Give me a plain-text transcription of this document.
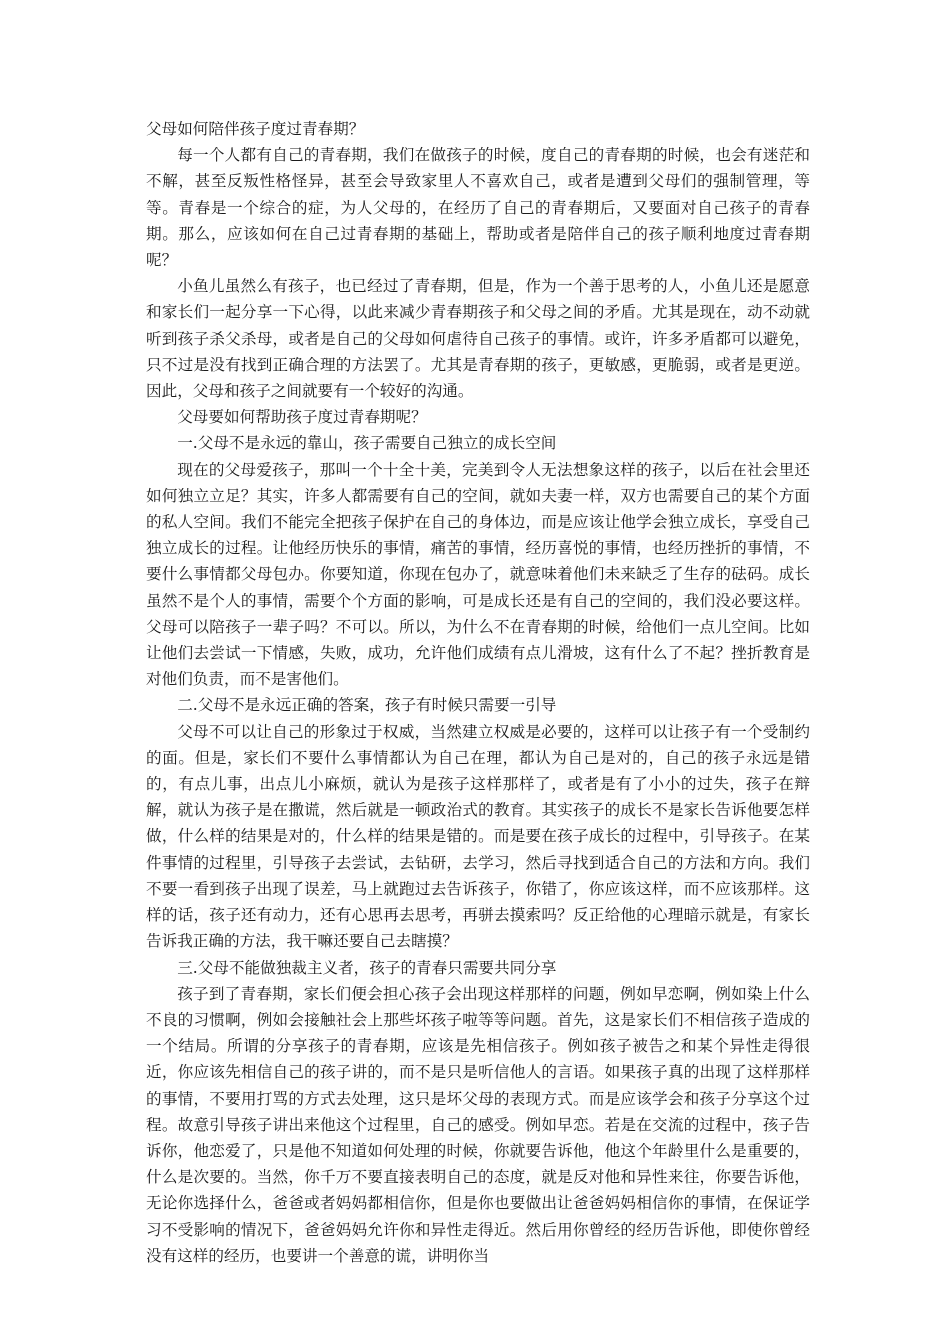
父母如何陪伴孩子度过青春期？

每一个人都有自己的青春期，我们在做孩子的时候，度自己的青春期的时候，也会有迷茫和不解，甚至反叛性格怪异，甚至会导致家里人不喜欢自己，或者是遭到父母们的强制管理，等等。青春是一个综合的症，为人父母的，在经历了自己的青春期后，又要面对自己孩子的青春期。那么，应该如何在自己过青春期的基础上，帮助或者是陪伴自己的孩子顺利地度过青春期呢？

小鱼儿虽然么有孩子，也已经过了青春期，但是，作为一个善于思考的人，小鱼儿还是愿意和家长们一起分享一下心得，以此来减少青春期孩子和父母之间的矛盾。尤其是现在，动不动就听到孩子杀父杀母，或者是自己的父母如何虐待自己孩子的事情。或许，许多矛盾都可以避免，只不过是没有找到正确合理的方法罢了。尤其是青春期的孩子，更敏感，更脆弱，或者是更逆。因此，父母和孩子之间就要有一个较好的沟通。

父母要如何帮助孩子度过青春期呢？

一.父母不是永远的靠山，孩子需要自己独立的成长空间

现在的父母爱孩子，那叫一个十全十美，完美到令人无法想象这样的孩子，以后在社会里还如何独立立足？其实，许多人都需要有自己的空间，就如夫妻一样，双方也需要自己的某个方面的私人空间。我们不能完全把孩子保护在自己的身体边，而是应该让他学会独立成长，享受自己独立成长的过程。让他经历快乐的事情，痛苦的事情，经历喜悦的事情，也经历挫折的事情，不要什么事情都父母包办。你要知道，你现在包办了，就意味着他们未来缺乏了生存的砝码。成长虽然不是个人的事情，需要个个方面的影响，可是成长还是有自己的空间的，我们没必要这样。父母可以陪孩子一辈子吗？不可以。所以，为什么不在青春期的时候，给他们一点儿空间。比如让他们去尝试一下情感，失败，成功，允许他们成绩有点儿滑坡，这有什么了不起？挫折教育是对他们负责，而不是害他们。

二.父母不是永远正确的答案，孩子有时候只需要一引导

父母不可以让自己的形象过于权威，当然建立权威是必要的，这样可以让孩子有一个受制约的面。但是，家长们不要什么事情都认为自己在理，都认为自己是对的，自己的孩子永远是错的，有点儿事，出点儿小麻烦，就认为是孩子这样那样了，或者是有了小小的过失，孩子在辩解，就认为孩子是在撒谎，然后就是一顿政治式的教育。其实孩子的成长不是家长告诉他要怎样做，什么样的结果是对的，什么样的结果是错的。而是要在孩子成长的过程中，引导孩子。在某件事情的过程里，引导孩子去尝试，去钻研，去学习，然后寻找到适合自己的方法和方向。我们不要一看到孩子出现了误差，马上就跑过去告诉孩子，你错了，你应该这样，而不应该那样。这样的话，孩子还有动力，还有心思再去思考，再骈去摸索吗？反正给他的心理暗示就是，有家长告诉我正确的方法，我干嘛还要自己去瞎摸？

三.父母不能做独裁主义者，孩子的青春只需要共同分享

孩子到了青春期，家长们便会担心孩子会出现这样那样的问题，例如早恋啊，例如染上什么不良的习惯啊，例如会接触社会上那些坏孩子啦等等问题。首先，这是家长们不相信孩子造成的一个结局。所谓的分享孩子的青春期，应该是先相信孩子。例如孩子被告之和某个异性走得很近，你应该先相信自己的孩子讲的，而不是只是听信他人的言语。如果孩子真的出现了这样那样的事情，不要用打骂的方式去处理，这只是坏父母的表现方式。而是应该学会和孩子分享这个过程。故意引导孩子讲出来他这个过程里，自己的感受。例如早恋。若是在交流的过程中，孩子告诉你，他恋爱了，只是他不知道如何处理的时候，你就要告诉他，他这个年龄里什么是重要的，什么是次要的。当然，你千万不要直接表明自己的态度，就是反对他和异性来往，你要告诉他，无论你选择什么，爸爸或者妈妈都相信你，但是你也要做出让爸爸妈妈相信你的事情，在保证学习不受影响的情况下，爸爸妈妈允许你和异性走得近。然后用你曾经的经历告诉他，即使你曾经没有这样的经历，也要讲一个善意的谎，讲明你当
